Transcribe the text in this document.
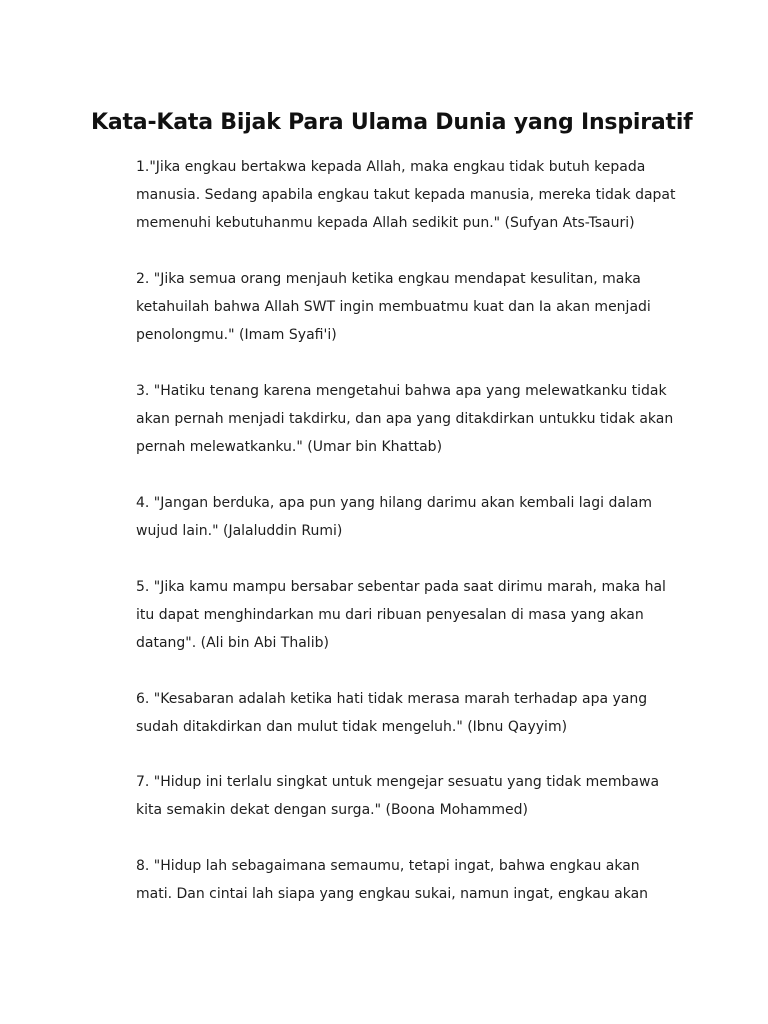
Kata-Kata Bijak Para Ulama Dunia yang Inspiratif

1."Jika engkau bertakwa kepada Allah, maka engkau tidak butuh kepada
manusia. Sedang apabila engkau takut kepada manusia, mereka tidak dapat
memenuhi kebutuhanmu kepada Allah sedikit pun." (Sufyan Ats-Tsauri)

2. "Jika semua orang menjauh ketika engkau mendapat kesulitan, maka
ketahuilah bahwa Allah SWT ingin membuatmu kuat dan Ia akan menjadi
penolongmu." (Imam Syafi'i)

3. "Hatiku tenang karena mengetahui bahwa apa yang melewatkanku tidak
akan pernah menjadi takdirku, dan apa yang ditakdirkan untukku tidak akan
pernah melewatkanku." (Umar bin Khattab)

4. "Jangan berduka, apa pun yang hilang darimu akan kembali lagi dalam
wujud lain." (Jalaluddin Rumi)

5. "Jika kamu mampu bersabar sebentar pada saat dirimu marah, maka hal
itu dapat menghindarkan mu dari ribuan penyesalan di masa yang akan
datang". (Ali bin Abi Thalib)

6. "Kesabaran adalah ketika hati tidak merasa marah terhadap apa yang
sudah ditakdirkan dan mulut tidak mengeluh." (Ibnu Qayyim)

7. "Hidup ini terlalu singkat untuk mengejar sesuatu yang tidak membawa
kita semakin dekat dengan surga." (Boona Mohammed)

8. "Hidup lah sebagaimana semaumu, tetapi ingat, bahwa engkau akan
mati. Dan cintai lah siapa yang engkau sukai, namun ingat, engkau akan
